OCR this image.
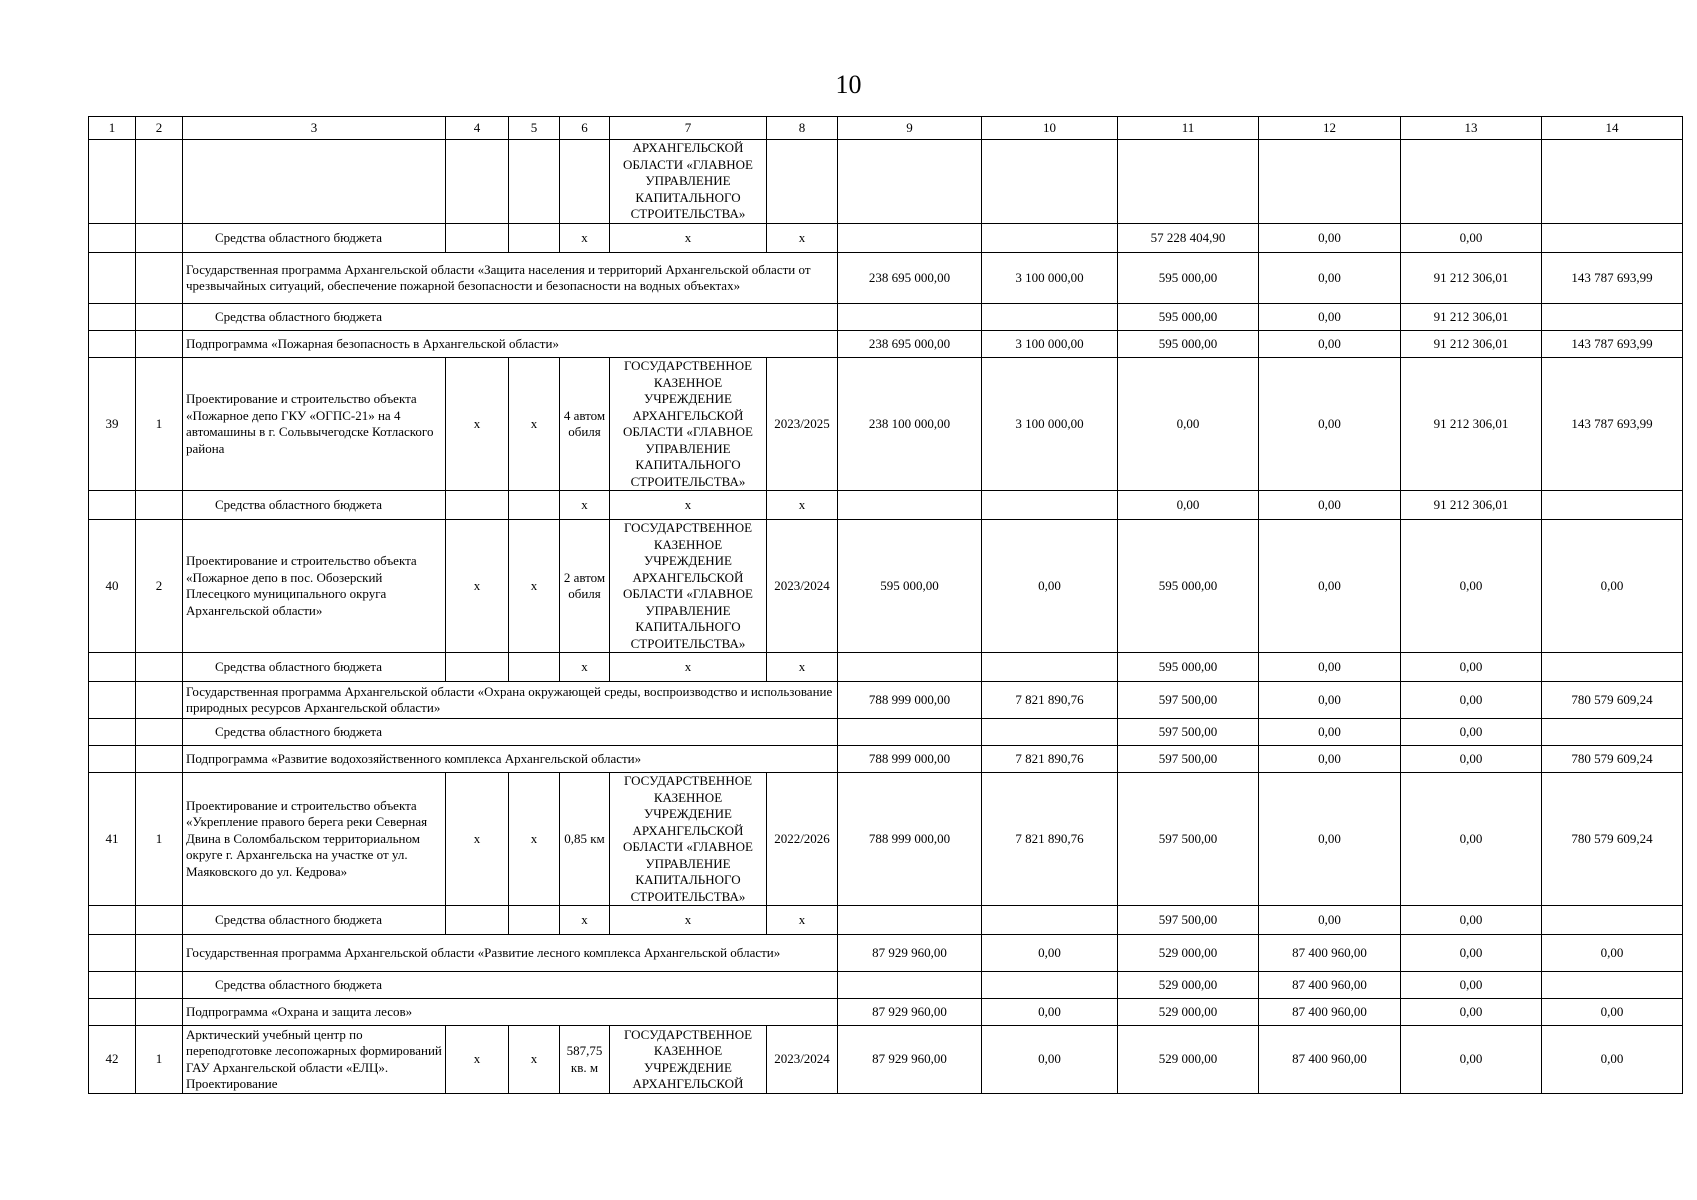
10
1	2	3	4	5	6	7	8	9	10	11	12	13	14
						АРХАНГЕЛЬСКОЙ ОБЛАСТИ «ГЛАВНОЕ УПРАВЛЕНИЕ КАПИТАЛЬНОГО СТРОИТЕЛЬСТВА»							
		Средства областного бюджета			х	х	х			57 228 404,90	0,00	0,00	
		Государственная программа Архангельской области «Защита населения и территорий Архангельской области от чрезвычайных ситуаций, обеспечение пожарной безопасности и безопасности на водных объектах»						238 695 000,00	3 100 000,00	595 000,00	0,00	91 212 306,01	143 787 693,99
		Средства областного бюджета								595 000,00	0,00	91 212 306,01	
		Подпрограмма «Пожарная безопасность в Архангельской области»						238 695 000,00	3 100 000,00	595 000,00	0,00	91 212 306,01	143 787 693,99
39	1	Проектирование и строительство объекта «Пожарное депо ГКУ «ОГПС-21» на 4 автомашины в г. Сольвычегодске Котлаского района	х	х	4 автом обиля	ГОСУДАРСТВЕННОЕ КАЗЕННОЕ УЧРЕЖДЕНИЕ АРХАНГЕЛЬСКОЙ ОБЛАСТИ «ГЛАВНОЕ УПРАВЛЕНИЕ КАПИТАЛЬНОГО СТРОИТЕЛЬСТВА»	2023/2025	238 100 000,00	3 100 000,00	0,00	0,00	91 212 306,01	143 787 693,99
		Средства областного бюджета			х	х	х			0,00	0,00	91 212 306,01	
40	2	Проектирование и строительство объекта «Пожарное депо в пос. Обозерский Плесецкого муниципального округа Архангельской области»	х	х	2 автом обиля	ГОСУДАРСТВЕННОЕ КАЗЕННОЕ УЧРЕЖДЕНИЕ АРХАНГЕЛЬСКОЙ ОБЛАСТИ «ГЛАВНОЕ УПРАВЛЕНИЕ КАПИТАЛЬНОГО СТРОИТЕЛЬСТВА»	2023/2024	595 000,00	0,00	595 000,00	0,00	0,00	0,00
		Средства областного бюджета			х	х	х			595 000,00	0,00	0,00	
		Государственная программа Архангельской области «Охрана окружающей среды, воспроизводство и использование природных ресурсов Архангельской области»						788 999 000,00	7 821 890,76	597 500,00	0,00	0,00	780 579 609,24
		Средства областного бюджета								597 500,00	0,00	0,00	
		Подпрограмма «Развитие водохозяйственного комплекса Архангельской области»						788 999 000,00	7 821 890,76	597 500,00	0,00	0,00	780 579 609,24
41	1	Проектирование и строительство объекта «Укрепление правого берега реки Северная Двина в Соломбальском территориальном округе г. Архангельска на участке от ул. Маяковского до ул. Кедрова»	х	х	0,85 км	ГОСУДАРСТВЕННОЕ КАЗЕННОЕ УЧРЕЖДЕНИЕ АРХАНГЕЛЬСКОЙ ОБЛАСТИ «ГЛАВНОЕ УПРАВЛЕНИЕ КАПИТАЛЬНОГО СТРОИТЕЛЬСТВА»	2022/2026	788 999 000,00	7 821 890,76	597 500,00	0,00	0,00	780 579 609,24
		Средства областного бюджета			х	х	х			597 500,00	0,00	0,00	
		Государственная программа Архангельской области «Развитие лесного комплекса Архангельской области»						87 929 960,00	0,00	529 000,00	87 400 960,00	0,00	0,00
		Средства областного бюджета								529 000,00	87 400 960,00	0,00	
		Подпрограмма «Охрана и защита лесов»						87 929 960,00	0,00	529 000,00	87 400 960,00	0,00	0,00
42	1	Арктический учебный центр по переподготовке лесопожарных формирований ГАУ Архангельской области «ЕЛЦ». Проектирование	х	х	587,75 кв. м	ГОСУДАРСТВЕННОЕ КАЗЕННОЕ УЧРЕЖДЕНИЕ АРХАНГЕЛЬСКОЙ	2023/2024	87 929 960,00	0,00	529 000,00	87 400 960,00	0,00	0,00
